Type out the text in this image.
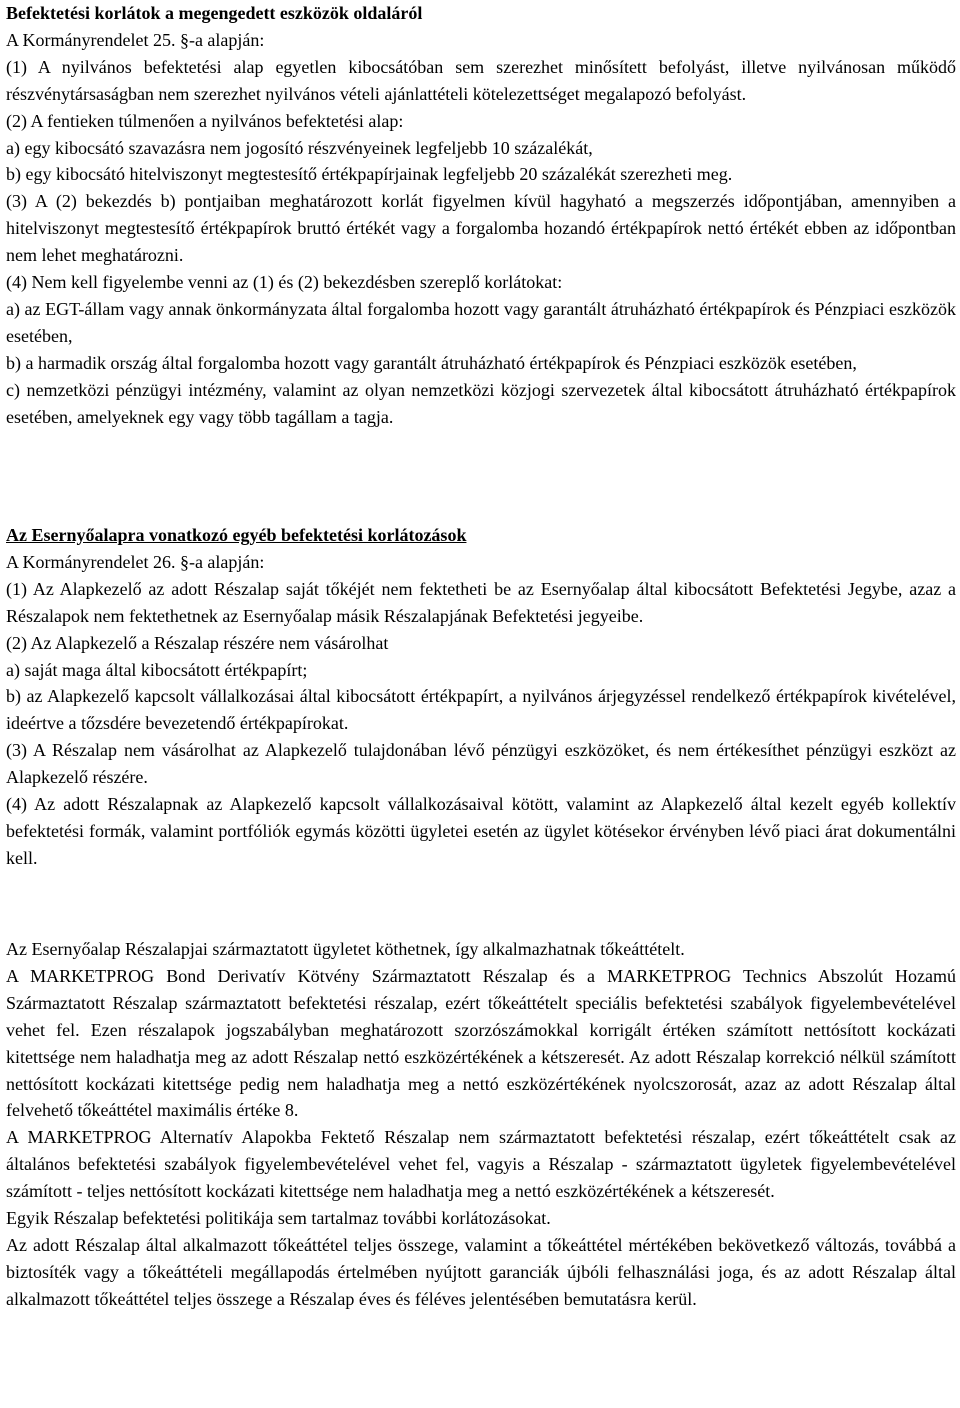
Befektetési korlátok a megengedett eszközök oldaláról

A Kormányrendelet 25. §-a alapján:

(1) A nyilvános befektetési alap egyetlen kibocsátóban sem szerezhet minősített befolyást, illetve nyilvánosan működő részvénytársaságban nem szerezhet nyilvános vételi ajánlattételi kötelezettséget megalapozó befolyást.

(2) A fentieken túlmenően a nyilvános befektetési alap:

a) egy kibocsátó szavazásra nem jogosító részvényeinek legfeljebb 10 százalékát,

b) egy kibocsátó hitelviszonyt megtestesítő értékpapírjainak legfeljebb 20 százalékát szerezheti meg.

(3) A (2) bekezdés b) pontjaiban meghatározott korlát figyelmen kívül hagyható a megszerzés időpontjában, amennyiben a hitelviszonyt megtestesítő értékpapírok bruttó értékét vagy a forgalomba hozandó értékpapírok nettó értékét ebben az időpontban nem lehet meghatározni.

(4) Nem kell figyelembe venni az (1) és (2) bekezdésben szereplő korlátokat:

a) az EGT-állam vagy annak önkormányzata által forgalomba hozott vagy garantált átruházható értékpapírok és Pénzpiaci eszközök esetében,

b) a harmadik ország által forgalomba hozott vagy garantált átruházható értékpapírok és Pénzpiaci eszközök esetében,

c) nemzetközi pénzügyi intézmény, valamint az olyan nemzetközi közjogi szervezetek által kibocsátott átruházható értékpapírok esetében, amelyeknek egy vagy több tagállam a tagja.

Az Esernyőalapra vonatkozó egyéb befektetési korlátozások

A Kormányrendelet 26. §-a alapján:

(1) Az Alapkezelő az adott Részalap saját tőkéjét nem fektetheti be az Esernyőalap által kibocsátott Befektetési Jegybe, azaz a Részalapok nem fektethetnek az Esernyőalap másik Részalapjának Befektetési jegyeibe.

(2) Az Alapkezelő a Részalap részére nem vásárolhat

a) saját maga által kibocsátott értékpapírt;

b) az Alapkezelő kapcsolt vállalkozásai által kibocsátott értékpapírt, a nyilvános árjegyzéssel rendelkező értékpapírok kivételével, ideértve a tőzsdére bevezetendő értékpapírokat.

(3) A Részalap nem vásárolhat az Alapkezelő tulajdonában lévő pénzügyi eszközöket, és nem értékesíthet pénzügyi eszközt az Alapkezelő részére.

(4) Az adott Részalapnak az Alapkezelő kapcsolt vállalkozásaival kötött, valamint az Alapkezelő által kezelt egyéb kollektív befektetési formák, valamint portfóliók egymás közötti ügyletei esetén az ügylet kötésekor érvényben lévő piaci árat dokumentálni kell.

Az Esernyőalap Részalapjai származtatott ügyletet köthetnek, így alkalmazhatnak tőkeáttételt.

A MARKETPROG Bond Derivatív Kötvény Származtatott Részalap és a MARKETPROG Technics Abszolút Hozamú Származtatott Részalap származtatott befektetési részalap, ezért tőkeáttételt speciális befektetési szabályok figyelembevételével vehet fel. Ezen részalapok jogszabályban meghatározott szorzószámokkal korrigált értéken számított nettósított kockázati kitettsége nem haladhatja meg az adott Részalap nettó eszközértékének a kétszeresét. Az adott Részalap korrekció nélkül számított nettósított kockázati kitettsége pedig nem haladhatja meg a nettó eszközértékének nyolcszorosát, azaz az adott Részalap által felvehető tőkeáttétel maximális értéke 8.

A MARKETPROG Alternatív Alapokba Fektető Részalap nem származtatott befektetési részalap, ezért tőkeáttételt csak az általános befektetési szabályok figyelembevételével vehet fel, vagyis a Részalap - származtatott ügyletek figyelembevételével számított - teljes nettósított kockázati kitettsége nem haladhatja meg a nettó eszközértékének a kétszeresét.

Egyik Részalap befektetési politikája sem tartalmaz további korlátozásokat.

Az adott Részalap által alkalmazott tőkeáttétel teljes összege, valamint a tőkeáttétel mértékében bekövetkező változás, továbbá a biztosíték vagy a tőkeáttételi megállapodás értelmében nyújtott garanciák újbóli felhasználási joga, és az adott Részalap által alkalmazott tőkeáttétel teljes összege a Részalap éves és féléves jelentésében bemutatásra kerül.
